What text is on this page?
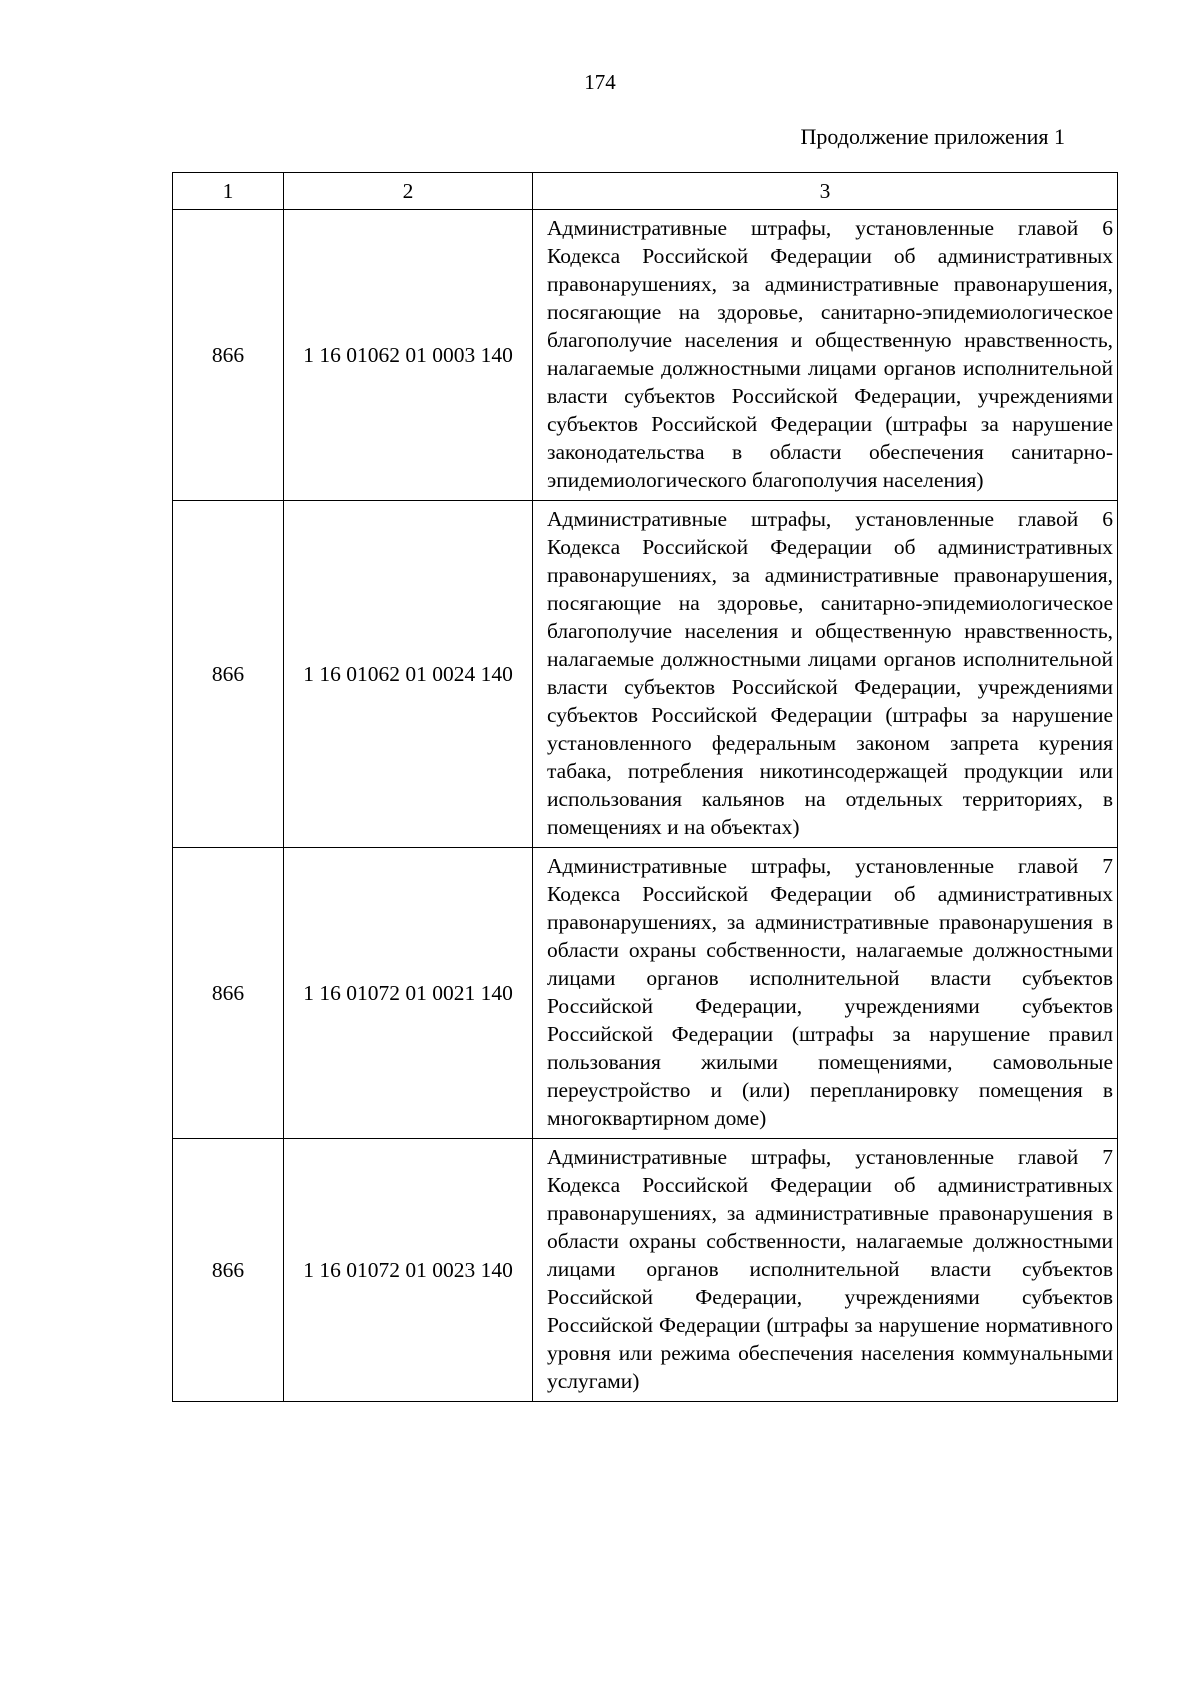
174
Продолжение приложения 1
1	2	3
866	1 16 01062 01 0003 140	Административные штрафы, установленные главой 6 Кодекса Российской Федерации об административных правонарушениях, за административные правонарушения, посягающие на здоровье, санитарно-эпидемиологическое благополучие населения и общественную нравственность, налагаемые должностными лицами органов исполнительной власти субъектов Российской Федерации, учреждениями субъектов Российской Федерации (штрафы за нарушение законодательства в области обеспечения санитарно-эпидемиологического благополучия населения)

866	1 16 01062 01 0024 140	Административные штрафы, установленные главой 6 Кодекса Российской Федерации об административных правонарушениях, за административные правонарушения, посягающие на здоровье, санитарно-эпидемиологическое благополучие населения и общественную нравственность, налагаемые должностными лицами органов исполнительной власти субъектов Российской Федерации, учреждениями субъектов Российской Федерации (штрафы за нарушение установленного федеральным законом запрета курения табака, потребления никотинсодержащей продукции или использования кальянов на отдельных территориях, в помещениях и на объектах)

866	1 16 01072 01 0021 140	Административные штрафы, установленные главой 7 Кодекса Российской Федерации об административных правонарушениях, за административные правонарушения в области охраны собственности, налагаемые должностными лицами органов исполнительной власти субъектов Российской Федерации, учреждениями субъектов Российской Федерации (штрафы за нарушение правил пользования жилыми помещениями, самовольные переустройство и (или) перепланировку помещения в многоквартирном доме)

866	1 16 01072 01 0023 140	Административные штрафы, установленные главой 7 Кодекса Российской Федерации об административных правонарушениях, за административные правонарушения в области охраны собственности, налагаемые должностными лицами органов исполнительной власти субъектов Российской Федерации, учреждениями субъектов Российской Федерации (штрафы за нарушение нормативного уровня или режима обеспечения населения коммунальными услугами)
